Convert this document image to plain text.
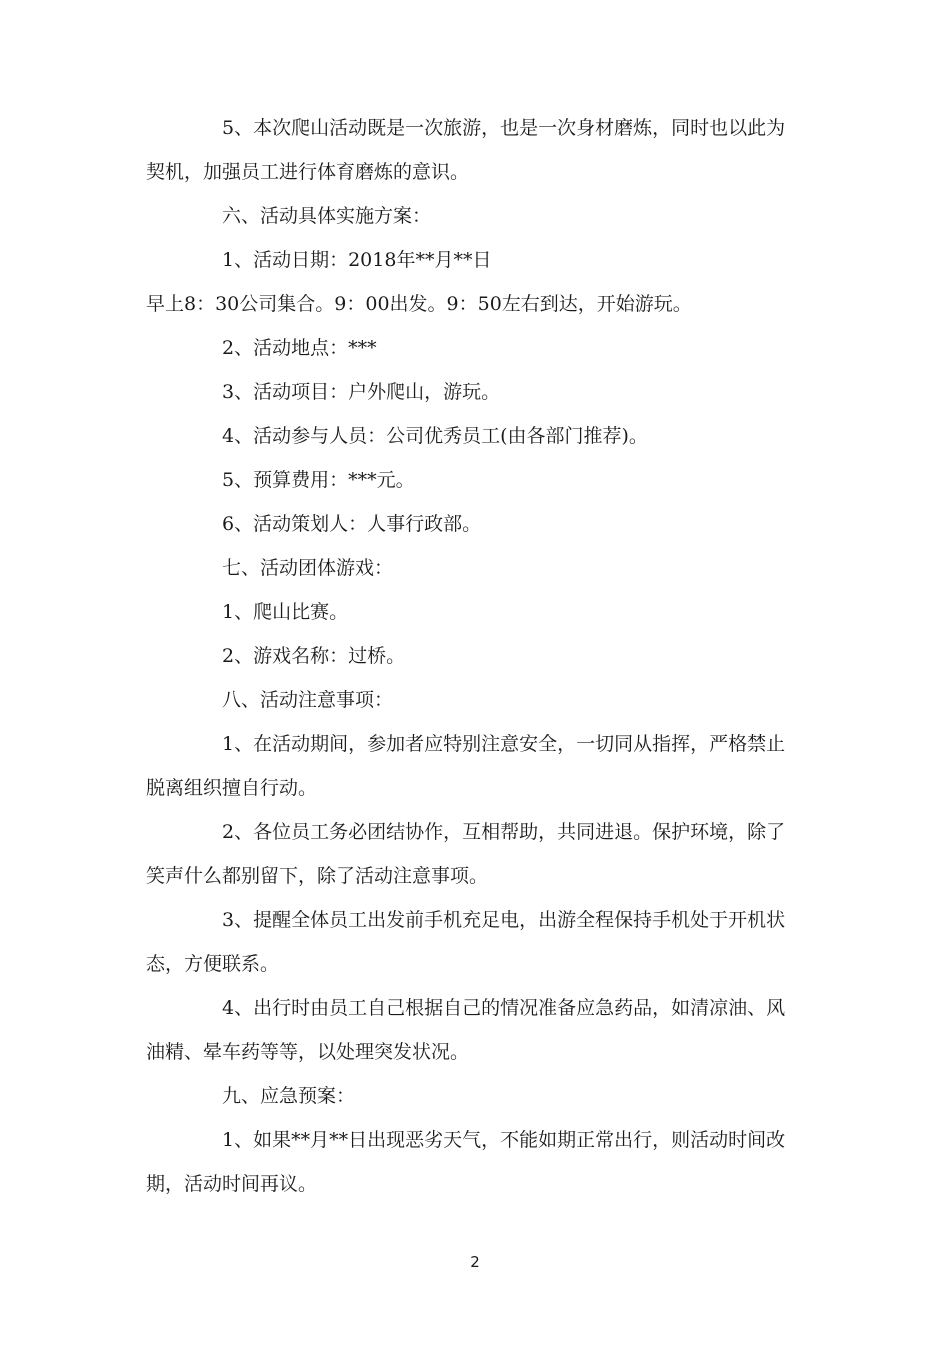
5、本次爬山活动既是一次旅游，也是一次身材磨炼，同时也以此为

契机，加强员工进行体育磨炼的意识。

六、活动具体实施方案：

1、活动日期：2018年**月**日

早上8：30公司集合。9：00出发。9：50左右到达，开始游玩。

2、活动地点：***

3、活动项目：户外爬山，游玩。

4、活动参与人员：公司优秀员工(由各部门推荐)。

5、预算费用：***元。

6、活动策划人：人事行政部。

七、活动团体游戏：

1、爬山比赛。

2、游戏名称：过桥。

八、活动注意事项：

1、在活动期间，参加者应特别注意安全，一切同从指挥，严格禁止

脱离组织擅自行动。

2、各位员工务必团结协作，互相帮助，共同进退。保护环境，除了

笑声什么都别留下，除了活动注意事项。

3、提醒全体员工出发前手机充足电，出游全程保持手机处于开机状

态，方便联系。

4、出行时由员工自己根据自己的情况准备应急药品，如清凉油、风

油精、晕车药等等，以处理突发状况。

九、应急预案：

1、如果**月**日出现恶劣天气，不能如期正常出行，则活动时间改

期，活动时间再议。

2
